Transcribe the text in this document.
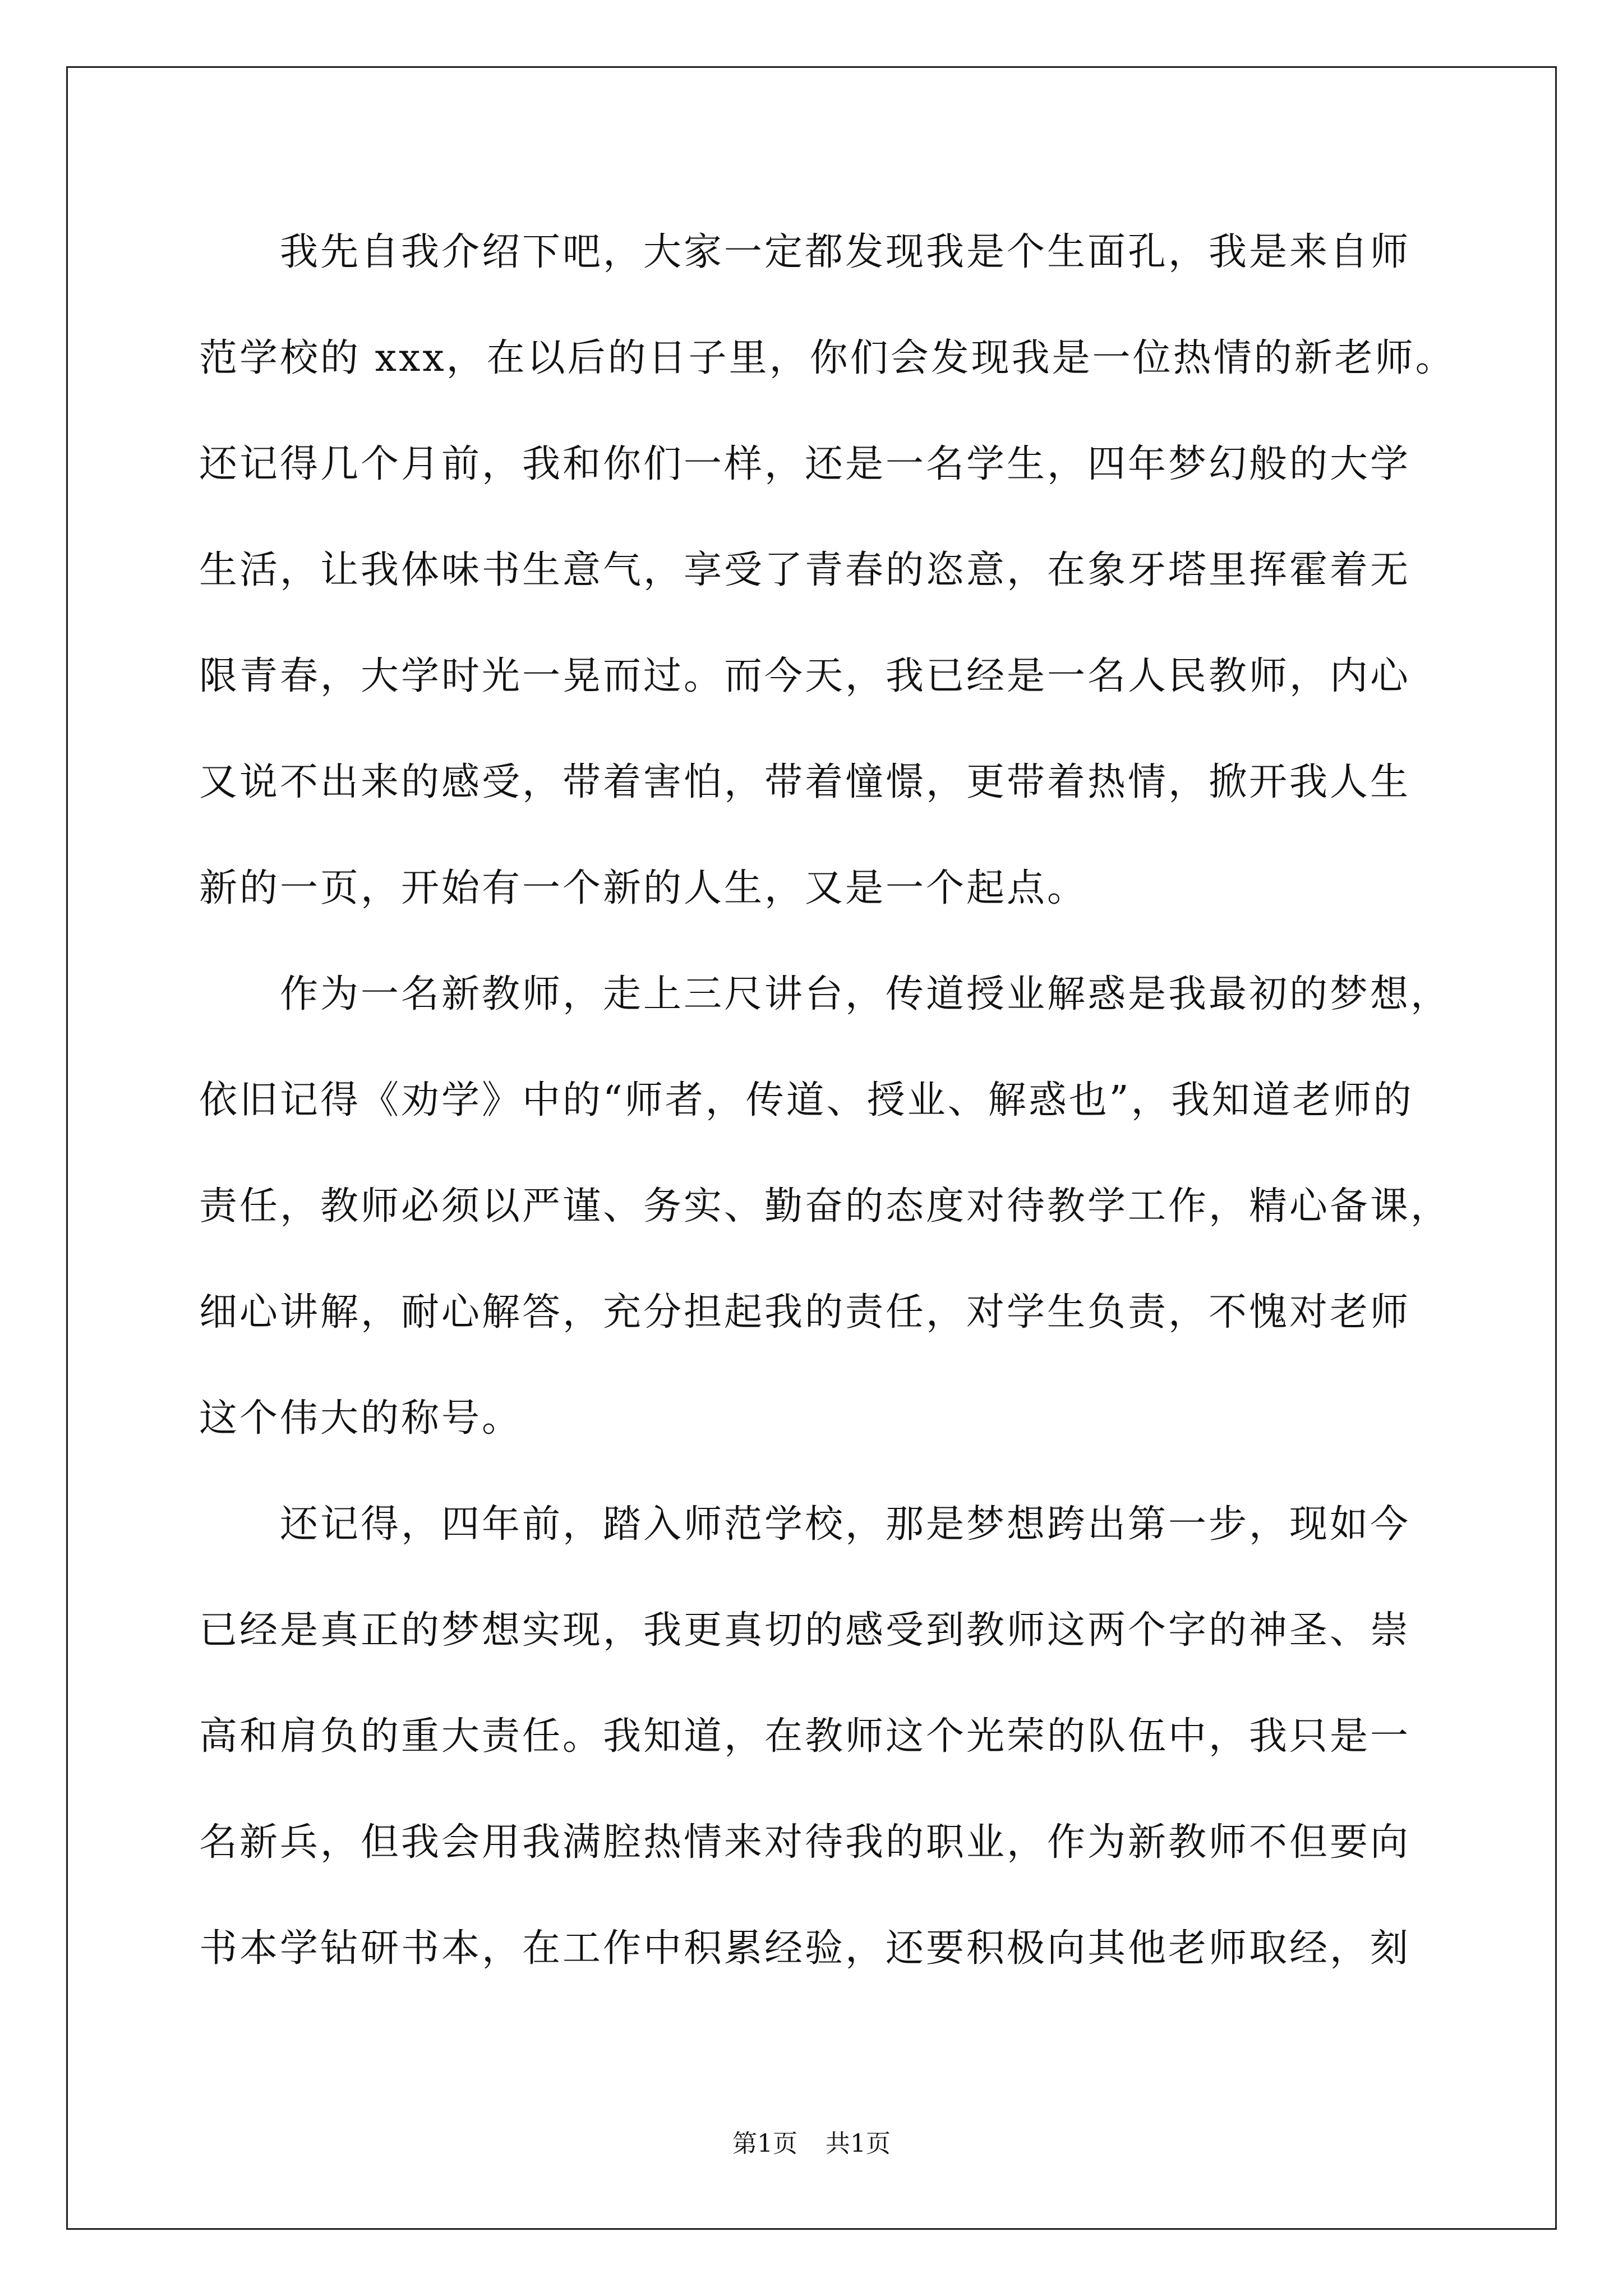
　　我先自我介绍下吧，大家一定都发现我是个生面孔，我是来自师
范学校的 xxx，在以后的日子里，你们会发现我是一位热情的新老师。
还记得几个月前，我和你们一样，还是一名学生，四年梦幻般的大学
生活，让我体味书生意气，享受了青春的恣意，在象牙塔里挥霍着无
限青春，大学时光一晃而过。而今天，我已经是一名人民教师，内心
又说不出来的感受，带着害怕，带着憧憬，更带着热情，掀开我人生
新的一页，开始有一个新的人生，又是一个起点。
　　作为一名新教师，走上三尺讲台，传道授业解惑是我最初的梦想，
依旧记得《劝学》中的“师者，传道、授业、解惑也”，我知道老师的
责任，教师必须以严谨、务实、勤奋的态度对待教学工作，精心备课，
细心讲解，耐心解答，充分担起我的责任，对学生负责，不愧对老师
这个伟大的称号。
　　还记得，四年前，踏入师范学校，那是梦想跨出第一步，现如今
已经是真正的梦想实现，我更真切的感受到教师这两个字的神圣、崇
高和肩负的重大责任。我知道，在教师这个光荣的队伍中，我只是一
名新兵，但我会用我满腔热情来对待我的职业，作为新教师不但要向
书本学钻研书本，在工作中积累经验，还要积极向其他老师取经，刻
第1页 共1页
